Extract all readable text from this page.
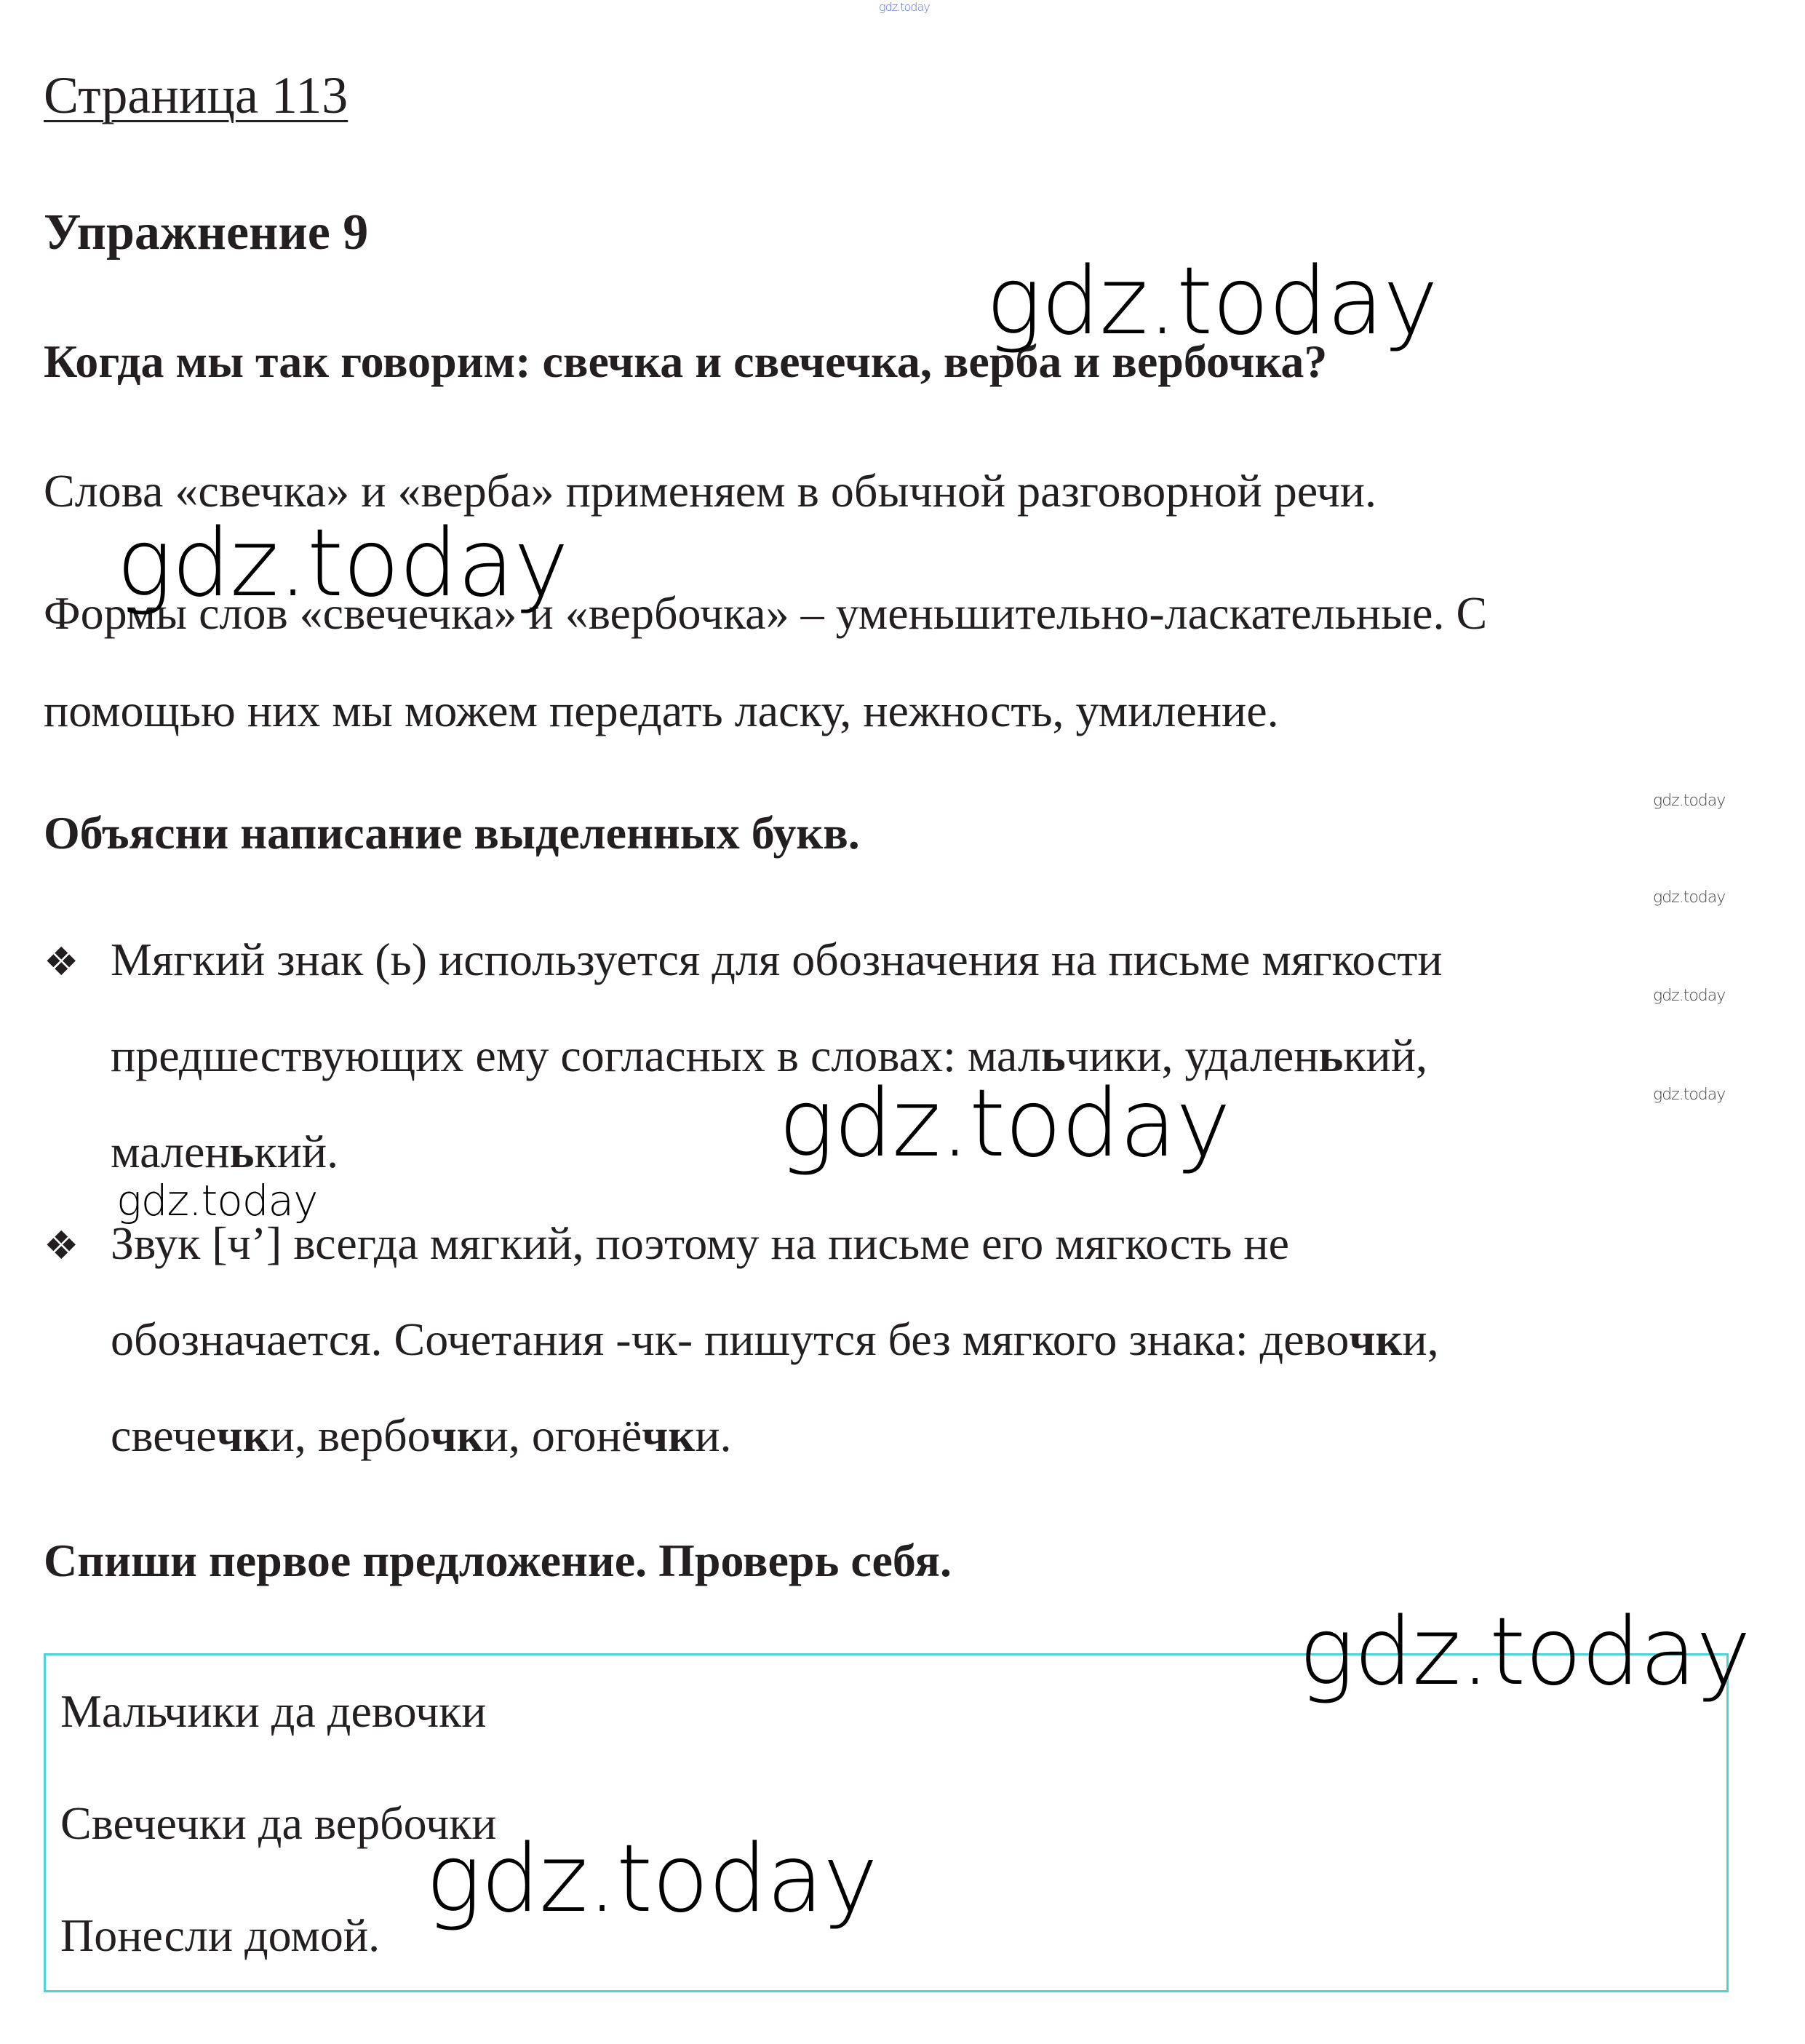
Страница 113
Упражнение 9
Когда мы так говорим: свечка и свечечка, верба и вербочка?
Слова «свечка» и «верба» применяем в обычной разговорной речи.
Формы слов «свечечка» и «вербочка» – уменьшительно-ласкательные. С
помощью них мы можем передать ласку, нежность, умиление.
Объясни написание выделенных букв.
❖ Мягкий знак (ь) используется для обозначения на письме мягкости
предшествующих ему согласных в словах: мальчики, удаленький,
маленький.
❖ Звук [ч’] всегда мягкий, поэтому на письме его мягкость не
обозначается. Сочетания -чк- пишутся без мягкого знака: девочки,
свечечки, вербочки, огонёчки.
Спиши первое предложение. Проверь себя.
Мальчики да девочки
Свечечки да вербочки
Понесли домой.
gdz.today
gdz.today
gdz.today
gdz.today
gdz.today
gdz.today
gdz.today
gdz.today
gdz.today
gdz.today
gdz.today
